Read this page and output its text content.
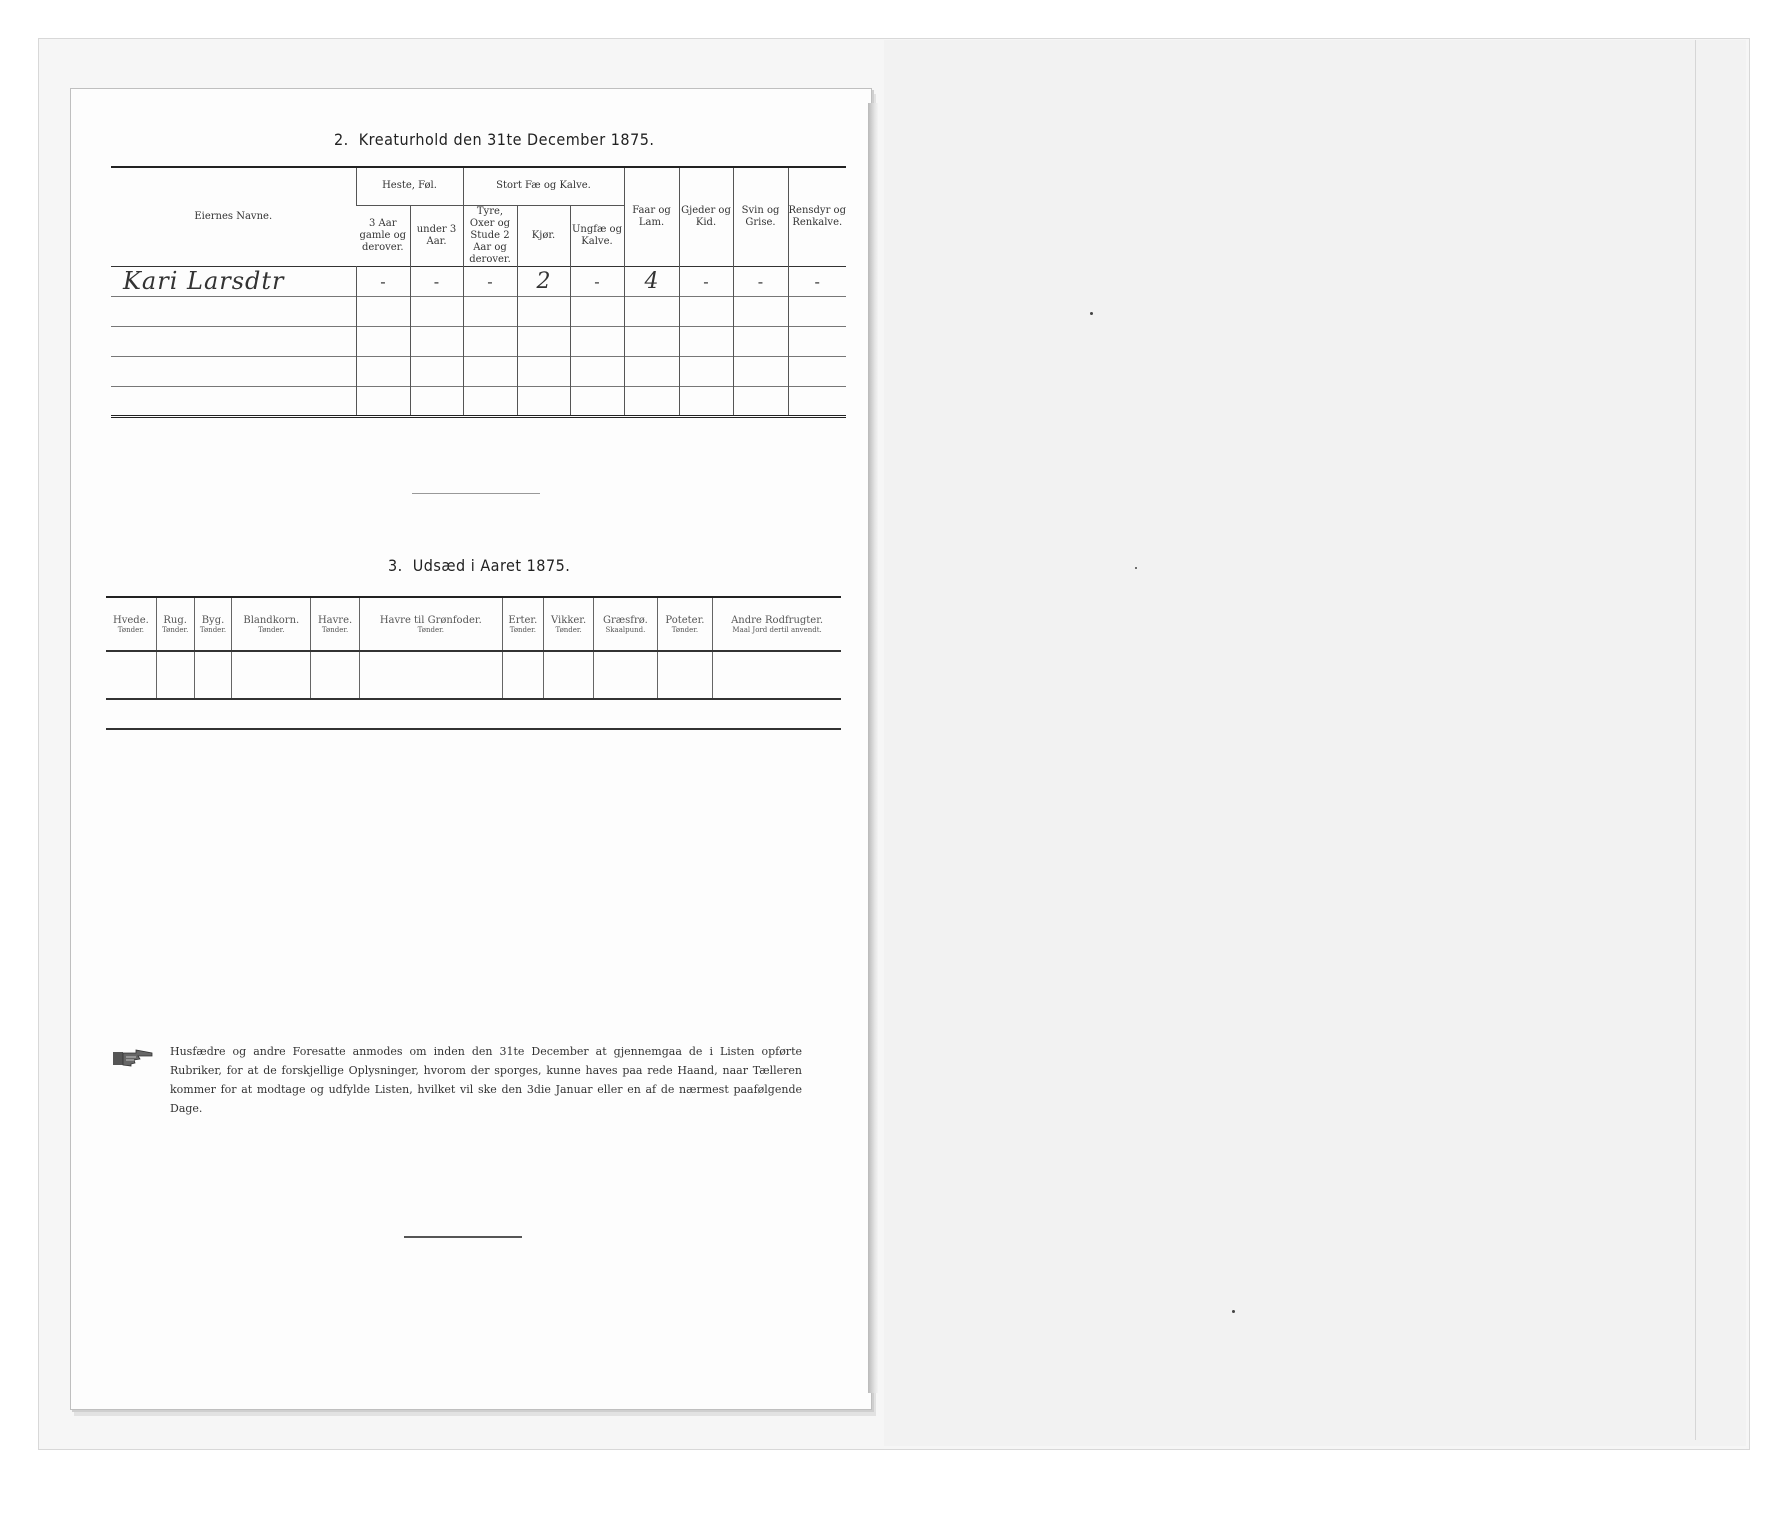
2. Kreaturhold den 31te December 1875.
Eiernes Navne.	Heste, Føl.		Stort Fæ og Kalve.			Faar og Lam.	Gjeder og Kid.	Svin og Grise.	Rensdyr og Renkalve.
	3 Aar gamle og derover.	under 3 Aar.	Tyre, Oxer og Stude 2 Aar og derover.	Kjør.	Ungfæ og Kalve.				
Kari Larsdtr	-	-	-	2	-	4	-	-	-

3. Udsæd i Aaret 1875.
Hvede.	Rug.	Byg.	Blandkorn.	Havre.	Havre til Grønfoder.	Erter.	Vikker.	Græsfrø.	Poteter.	Andre Rodfrugter.
Tønder.	Tønder.	Tønder.	Tønder.	Tønder.	Tønder.	Tønder.	Tønder.	Skaalpund.	Tønder.	Maal Jord dertil anvendt.

Husfædre og andre Foresatte anmodes om inden den 31te December at gjennemgaa de i Listen opførte Rubriker, for at de forskjellige Oplysninger, hvorom der sporges, kunne haves paa rede Haand, naar Tælleren kommer for at modtage og udfylde Listen, hvilket vil ske den 3die Januar eller en af de nærmest paafølgende Dage.
